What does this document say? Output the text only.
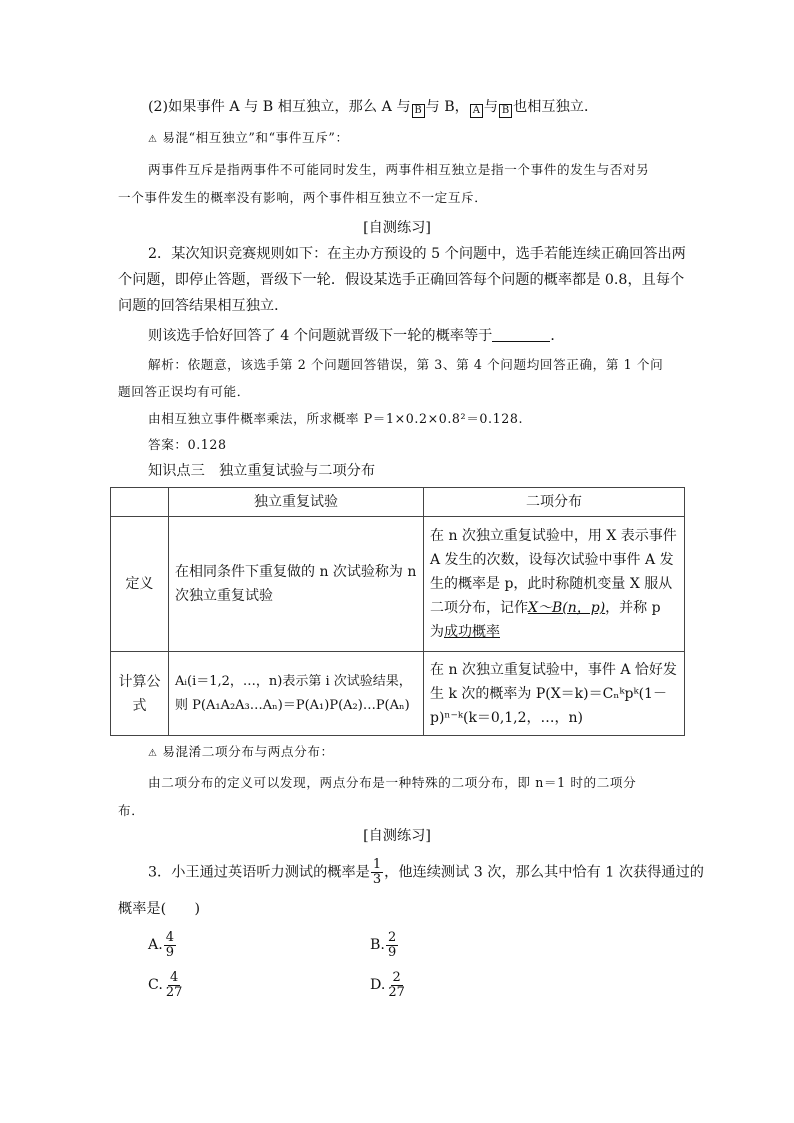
(2)如果事件 A 与 B 相互独立，那么 A 与 B 与 B， A 与 B 也相互独立．
⚠ 易混“相互独立”和“事件互斥”：
两事件互斥是指两事件不可能同时发生，两事件相互独立是指一个事件的发生与否对另
一个事件发生的概率没有影响，两个事件相互独立不一定互斥．
[自测练习]
2．某次知识竞赛规则如下：在主办方预设的 5 个问题中，选手若能连续正确回答出两
个问题，即停止答题，晋级下一轮．假设某选手正确回答每个问题的概率都是 0.8，且每个
问题的回答结果相互独立．
则该选手恰好回答了 4 个问题就晋级下一轮的概率等于	．
解析：依题意，该选手第 2 个问题回答错误，第 3、第 4 个问题均回答正确，第 1 个问
题回答正误均有可能．
由相互独立事件概率乘法，所求概率 P＝1×0.2×0.8²＝0.128.
答案：0.128
知识点三　独立重复试验与二项分布
	独立重复试验	二项分布
定义	在相同条件下重复做的 n 次试验称为 n 次独立重复试验	在 n 次独立重复试验中，用 X 表示事件 A 发生的次数，设每次试验中事件 A 发生的概率是 p，此时称随机变量 X 服从二项分布，记作X～B(n，p)，并称 p 为成功概率
计算公式	Aᵢ(i＝1,2，…，n)表示第 i 次试验结果，
则 P(A₁A₂A₃…Aₙ)＝P(A₁)P(A₂)…P(Aₙ)	在 n 次独立重复试验中，事件 A 恰好发生 k 次的概率为 P(X＝k)＝Cₙᵏpᵏ(1－p)ⁿ⁻ᵏ(k＝0,1,2，…，n)
⚠ 易混淆二项分布与两点分布：
由二项分布的定义可以发现，两点分布是一种特殊的二项分布，即 n＝1 时的二项分
布．
[自测练习]
3．小王通过英语听力测试的概率是 $\frac{1}{3}$ ，他连续测试 3 次，那么其中恰有 1 次获得通过的
概率是(　　)
A. $\frac{4}{9}$	B. $\frac{2}{9}$
C. $\frac{4}{27}$	D. $\frac{2}{27}$
